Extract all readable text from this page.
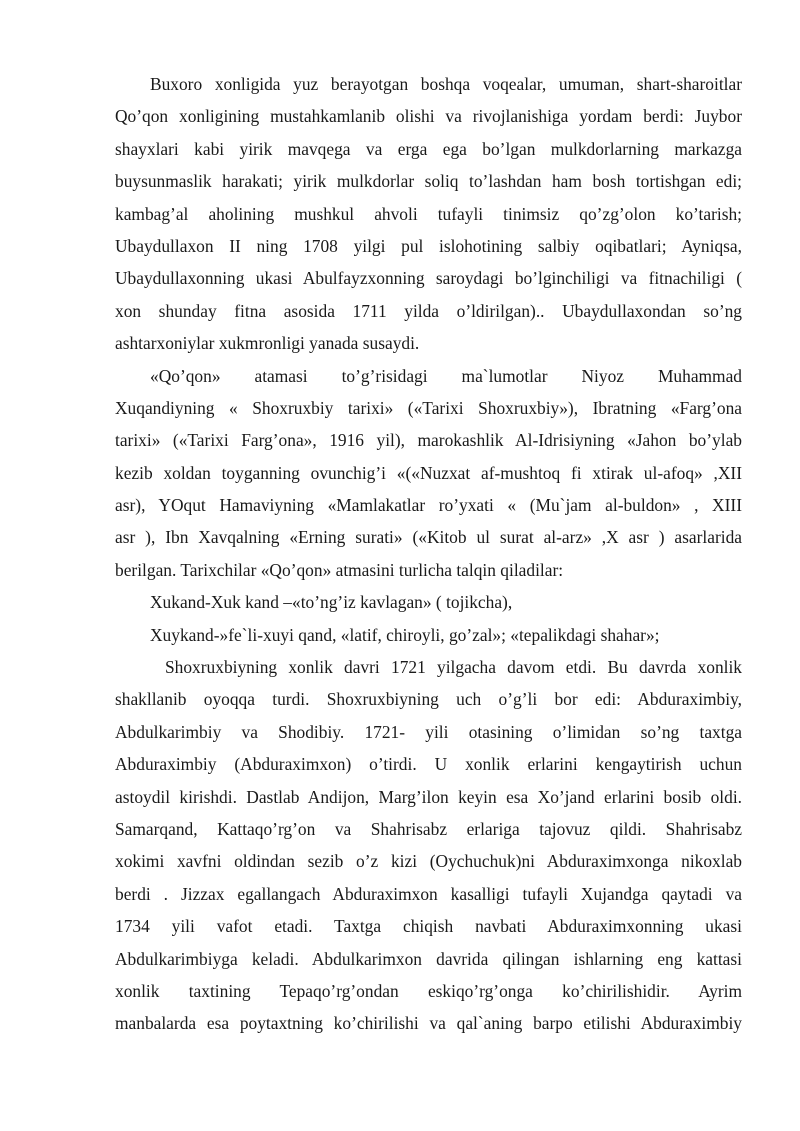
Buxoro xonligida yuz berayotgan boshqa voqealar, umuman, shart-sharoitlar
Qo’qon xonligining mustahkamlanib olishi va rivojlanishiga yordam berdi: Juybor
shayxlari kabi yirik mavqega va erga ega bo’lgan mulkdorlarning markazga
buysunmaslik harakati; yirik mulkdorlar soliq to’lashdan ham bosh tortishgan edi;
kambag’al aholining mushkul ahvoli tufayli tinimsiz qo’zg’olon ko’tarish;
Ubaydullaxon II ning 1708 yilgi pul islohotining salbiy oqibatlari; Ayniqsa,
Ubaydullaxonning ukasi Abulfayzxonning saroydagi bo’lginchiligi va fitnachiligi (
xon shunday fitna asosida 1711 yilda o’ldirilgan).. Ubaydullaxondan so’ng
ashtarxoniylar xukmronligi yanada susaydi.
«Qo’qon» atamasi to’g’risidagi ma`lumotlar Niyoz Muhammad
Xuqandiyning « Shoxruxbiy tarixi» («Tarixi Shoxruxbiy»), Ibratning «Farg’ona
tarixi» («Tarixi Farg’ona», 1916 yil), marokashlik Al-Idrisiyning «Jahon bo’ylab
kezib xoldan toyganning ovunchig’i «(«Nuzxat af-mushtoq fi xtirak ul-afoq» ,XII
asr), YOqut Hamaviyning «Mamlakatlar ro’yxati « (Mu`jam al-buldon» , XIII
asr ), Ibn Xavqalning «Erning surati» («Kitob ul surat al-arz» ,X asr ) asarlarida
berilgan. Tarixchilar «Qo’qon» atmasini turlicha talqin qiladilar:
Xukand-Xuk kand –«to’ng’iz kavlagan» ( tojikcha),
Xuykand-»fe`li-xuyi qand, «latif, chiroyli, go’zal»; «tepalikdagi shahar»;
Shoxruxbiyning xonlik davri 1721 yilgacha davom etdi. Bu davrda xonlik
shakllanib oyoqqa turdi. Shoxruxbiyning uch o’g’li bor edi: Abduraximbiy,
Abdulkarimbiy va Shodibiy. 1721- yili otasining o’limidan so’ng taxtga
Abduraximbiy (Abduraximxon) o’tirdi. U xonlik erlarini kengaytirish uchun
astoydil kirishdi. Dastlab Andijon, Marg’ilon keyin esa Xo’jand erlarini bosib oldi.
Samarqand, Kattaqo’rg’on va Shahrisabz erlariga tajovuz qildi. Shahrisabz
xokimi xavfni oldindan sezib o’z kizi (Oychuchuk)ni Abduraximxonga nikoxlab
berdi . Jizzax egallangach Abduraximxon kasalligi tufayli Xujandga qaytadi va
1734 yili vafot etadi. Taxtga chiqish navbati Abduraximxonning ukasi
Abdulkarimbiyga keladi. Abdulkarimxon davrida qilingan ishlarning eng kattasi
xonlik taxtining Tepaqo’rg’ondan eskiqo’rg’onga ko’chirilishidir. Ayrim
manbalarda esa poytaxtning ko’chirilishi va qal`aning barpo etilishi Abduraximbiy
